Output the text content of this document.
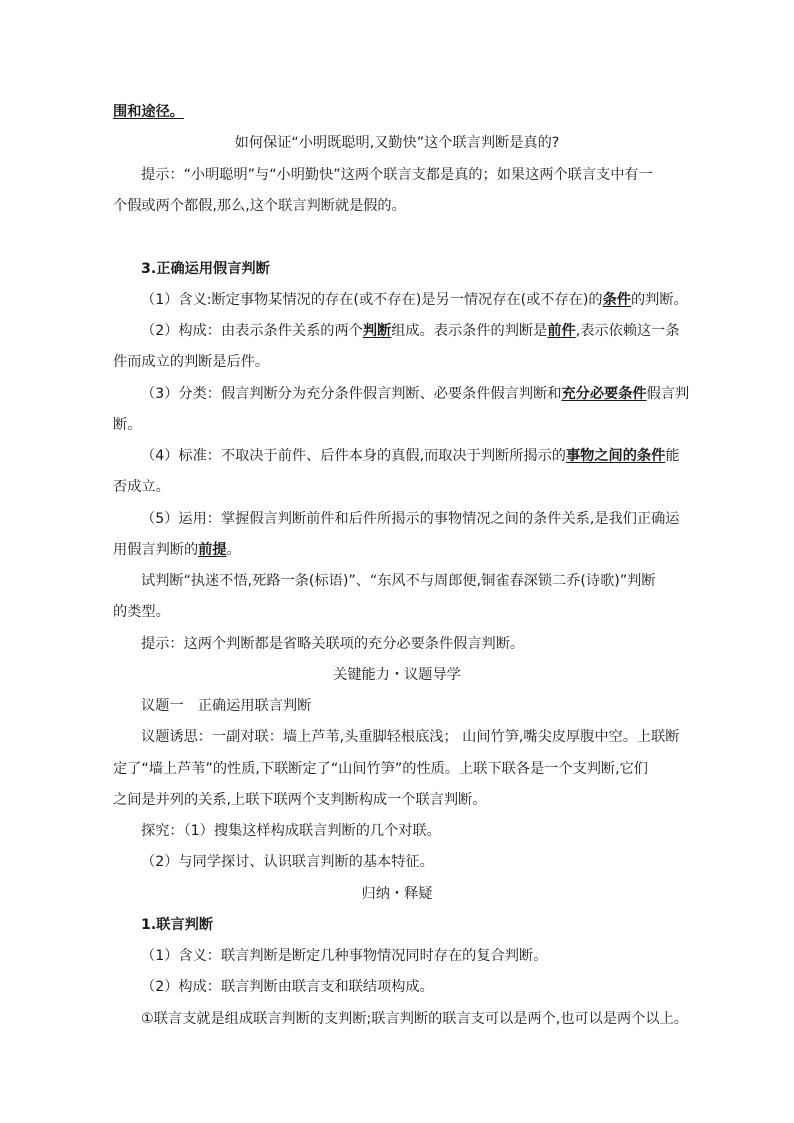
围和途径。
如何保证“小明既聪明,又勤快”这个联言判断是真的?
提示：“小明聪明”与“小明勤快”这两个联言支都是真的；如果这两个联言支中有一
个假或两个都假,那么,这个联言判断就是假的。
3.正确运用假言判断
（1）含义:断定事物某情况的存在(或不存在)是另一情况存在(或不存在)的条件的判断。
（2）构成：由表示条件关系的两个判断组成。表示条件的判断是前件,表示依赖这一条
件而成立的判断是后件。
（3）分类：假言判断分为充分条件假言判断、必要条件假言判断和充分必要条件假言判
断。
（4）标准：不取决于前件、后件本身的真假,而取决于判断所揭示的事物之间的条件能
否成立。
（5）运用：掌握假言判断前件和后件所揭示的事物情况之间的条件关系,是我们正确运
用假言判断的前提。
试判断“执迷不悟,死路一条(标语)”、“东风不与周郎便,铜雀春深锁二乔(诗歌)”判断
的类型。
提示：这两个判断都是省略关联项的充分必要条件假言判断。
关键能力・议题导学
议题一　正确运用联言判断
议题诱思：一副对联：墙上芦苇,头重脚轻根底浅； 山间竹笋,嘴尖皮厚腹中空。上联断
定了“墙上芦苇”的性质,下联断定了“山间竹笋”的性质。上联下联各是一个支判断,它们
之间是并列的关系,上联下联两个支判断构成一个联言判断。
探究：（1）搜集这样构成联言判断的几个对联。
（2）与同学探讨、认识联言判断的基本特征。
归纳・释疑
1.联言判断
（1）含义：联言判断是断定几种事物情况同时存在的复合判断。
（2）构成：联言判断由联言支和联结项构成。
①联言支就是组成联言判断的支判断;联言判断的联言支可以是两个,也可以是两个以上。
